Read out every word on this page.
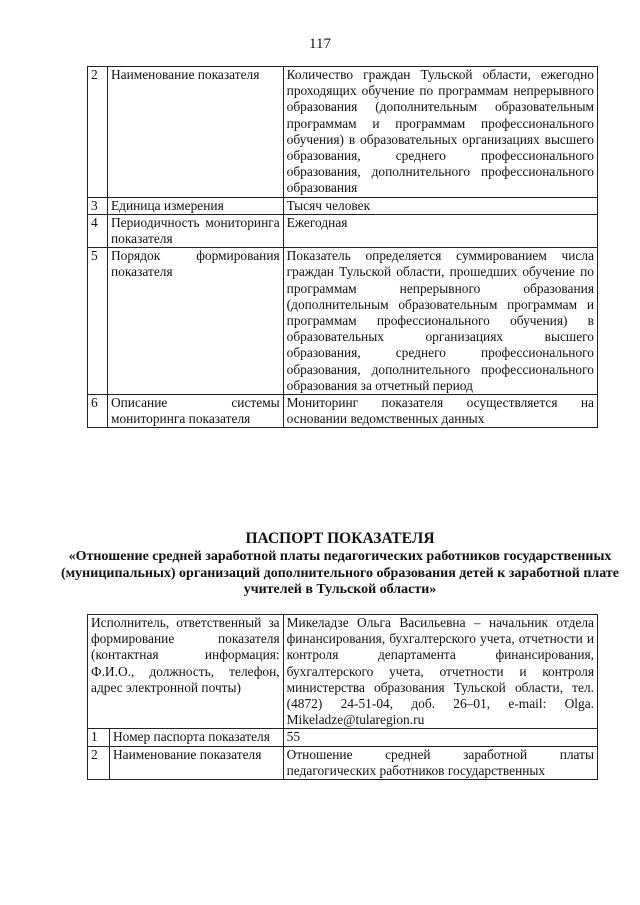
117
2	Наименование показателя	Количество граждан Тульской области, ежегодно проходящих обучение по программам непрерывного образования (дополнительным образовательным программам и программам профессионального обучения) в образовательных организациях высшего образования, среднего профессионального образования, дополнительного профессионального образования
3	Единица измерения	Тысяч человек
4	Периодичность мониторинга показателя	Ежегодная
5	Порядок формирования показателя	Показатель определяется суммированием числа граждан Тульской области, прошедших обучение по программам непрерывного образования (дополнительным образовательным программам и программам профессионального обучения) в образовательных организациях высшего образования, среднего профессионального образования, дополнительного профессионального образования за отчетный период
6	Описание системы мониторинга показателя	Мониторинг показателя осуществляется на основании ведомственных данных
ПАСПОРТ ПОКАЗАТЕЛЯ
«Отношение средней заработной платы педагогических работников государственных (муниципальных) организаций дополнительного образования детей к заработной плате учителей в Тульской области»
Исполнитель, ответственный за формирование показателя (контактная информация: Ф.И.О., должность, телефон, адрес электронной почты)		Микеладзе Ольга Васильевна – начальник отдела финансирования, бухгалтерского учета, отчетности и контроля департамента финансирования, бухгалтерского учета, отчетности и контроля министерства образования Тульской области, тел. (4872) 24-51-04, доб. 26–01, e-mail: Olga. Mikeladze@tularegion.ru
1	Номер паспорта показателя	55
2	Наименование показателя	Отношение средней заработной платы педагогических работников государственных
